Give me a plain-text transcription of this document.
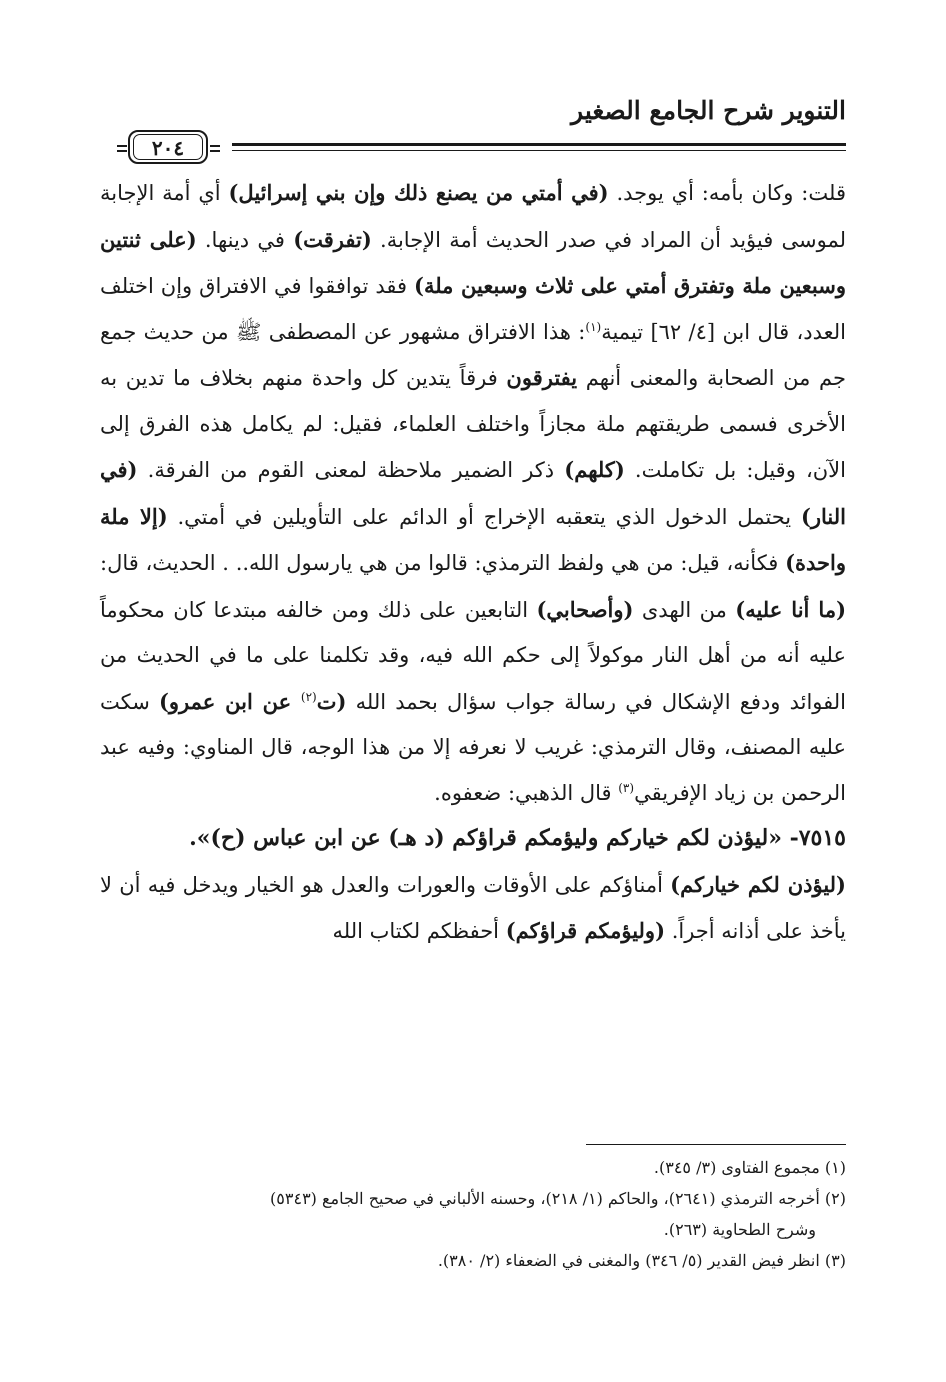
التنوير شرح الجامع الصغير
٢٠٤

قلت: وكان بأمه: أي يوجد. (في أمتي من يصنع ذلك وإن بني إسرائيل) أي أمة الإجابة لموسى فيؤيد أن المراد في صدر الحديث أمة الإجابة. (تفرقت) في دينها. (على ثنتين وسبعين ملة وتفترق أمتي على ثلاث وسبعين ملة) فقد توافقوا في الافتراق وإن اختلف العدد، قال ابن [٤/ ٦٢] تيمية$^{(١)}$: هذا الافتراق مشهور عن المصطفى ﷺ من حديث جمع جم من الصحابة والمعنى أنهم يفترقون فرقاً يتدين كل واحدة منهم بخلاف ما تدين به الأخرى فسمى طريقتهم ملة مجازاً واختلف العلماء، فقيل: لم يكامل هذه الفرق إلى الآن، وقيل: بل تكاملت. (كلهم) ذكر الضمير ملاحظة لمعنى القوم من الفرقة. (في النار) يحتمل الدخول الذي يتعقبه الإخراج أو الدائم على التأويلين في أمتي. (إلا ملة واحدة) فكأنه، قيل: من هي ولفظ الترمذي: قالوا من هي يارسول الله.. . الحديث، قال: (ما أنا عليه) من الهدى (وأصحابي) التابعين على ذلك ومن خالفه مبتدعا كان محكوماً عليه أنه من أهل النار موكولاً إلى حكم الله فيه، وقد تكلمنا على ما في الحديث من الفوائد ودفع الإشكال في رسالة جواب سؤال بحمد الله (ت$^{(٢)}$ عن ابن عمرو) سكت عليه المصنف، وقال الترمذي: غريب لا نعرفه إلا من هذا الوجه، قال المناوي: وفيه عبد الرحمن بن زياد الإفريقي$^{(٣)}$ قال الذهبي: ضعفوه.

٧٥١٥- «ليؤذن لكم خياركم وليؤمكم قراؤكم (د هـ) عن ابن عباس (ح)».

(ليؤذن لكم خياركم) أمناؤكم على الأوقات والعورات والعدل هو الخيار ويدخل فيه أن لا يأخذ على أذانه أجراً. (وليؤمكم قراؤكم) أحفظكم لكتاب الله

(١) مجموع الفتاوى (٣/ ٣٤٥).

(٢) أخرجه الترمذي (٢٦٤١)، والحاكم (١/ ٢١٨)، وحسنه الألباني في صحيح الجامع (٥٣٤٣)

وشرح الطحاوية (٢٦٣).

(٣) انظر فيض القدير (٥/ ٣٤٦) والمغنى في الضعفاء (٢/ ٣٨٠).
